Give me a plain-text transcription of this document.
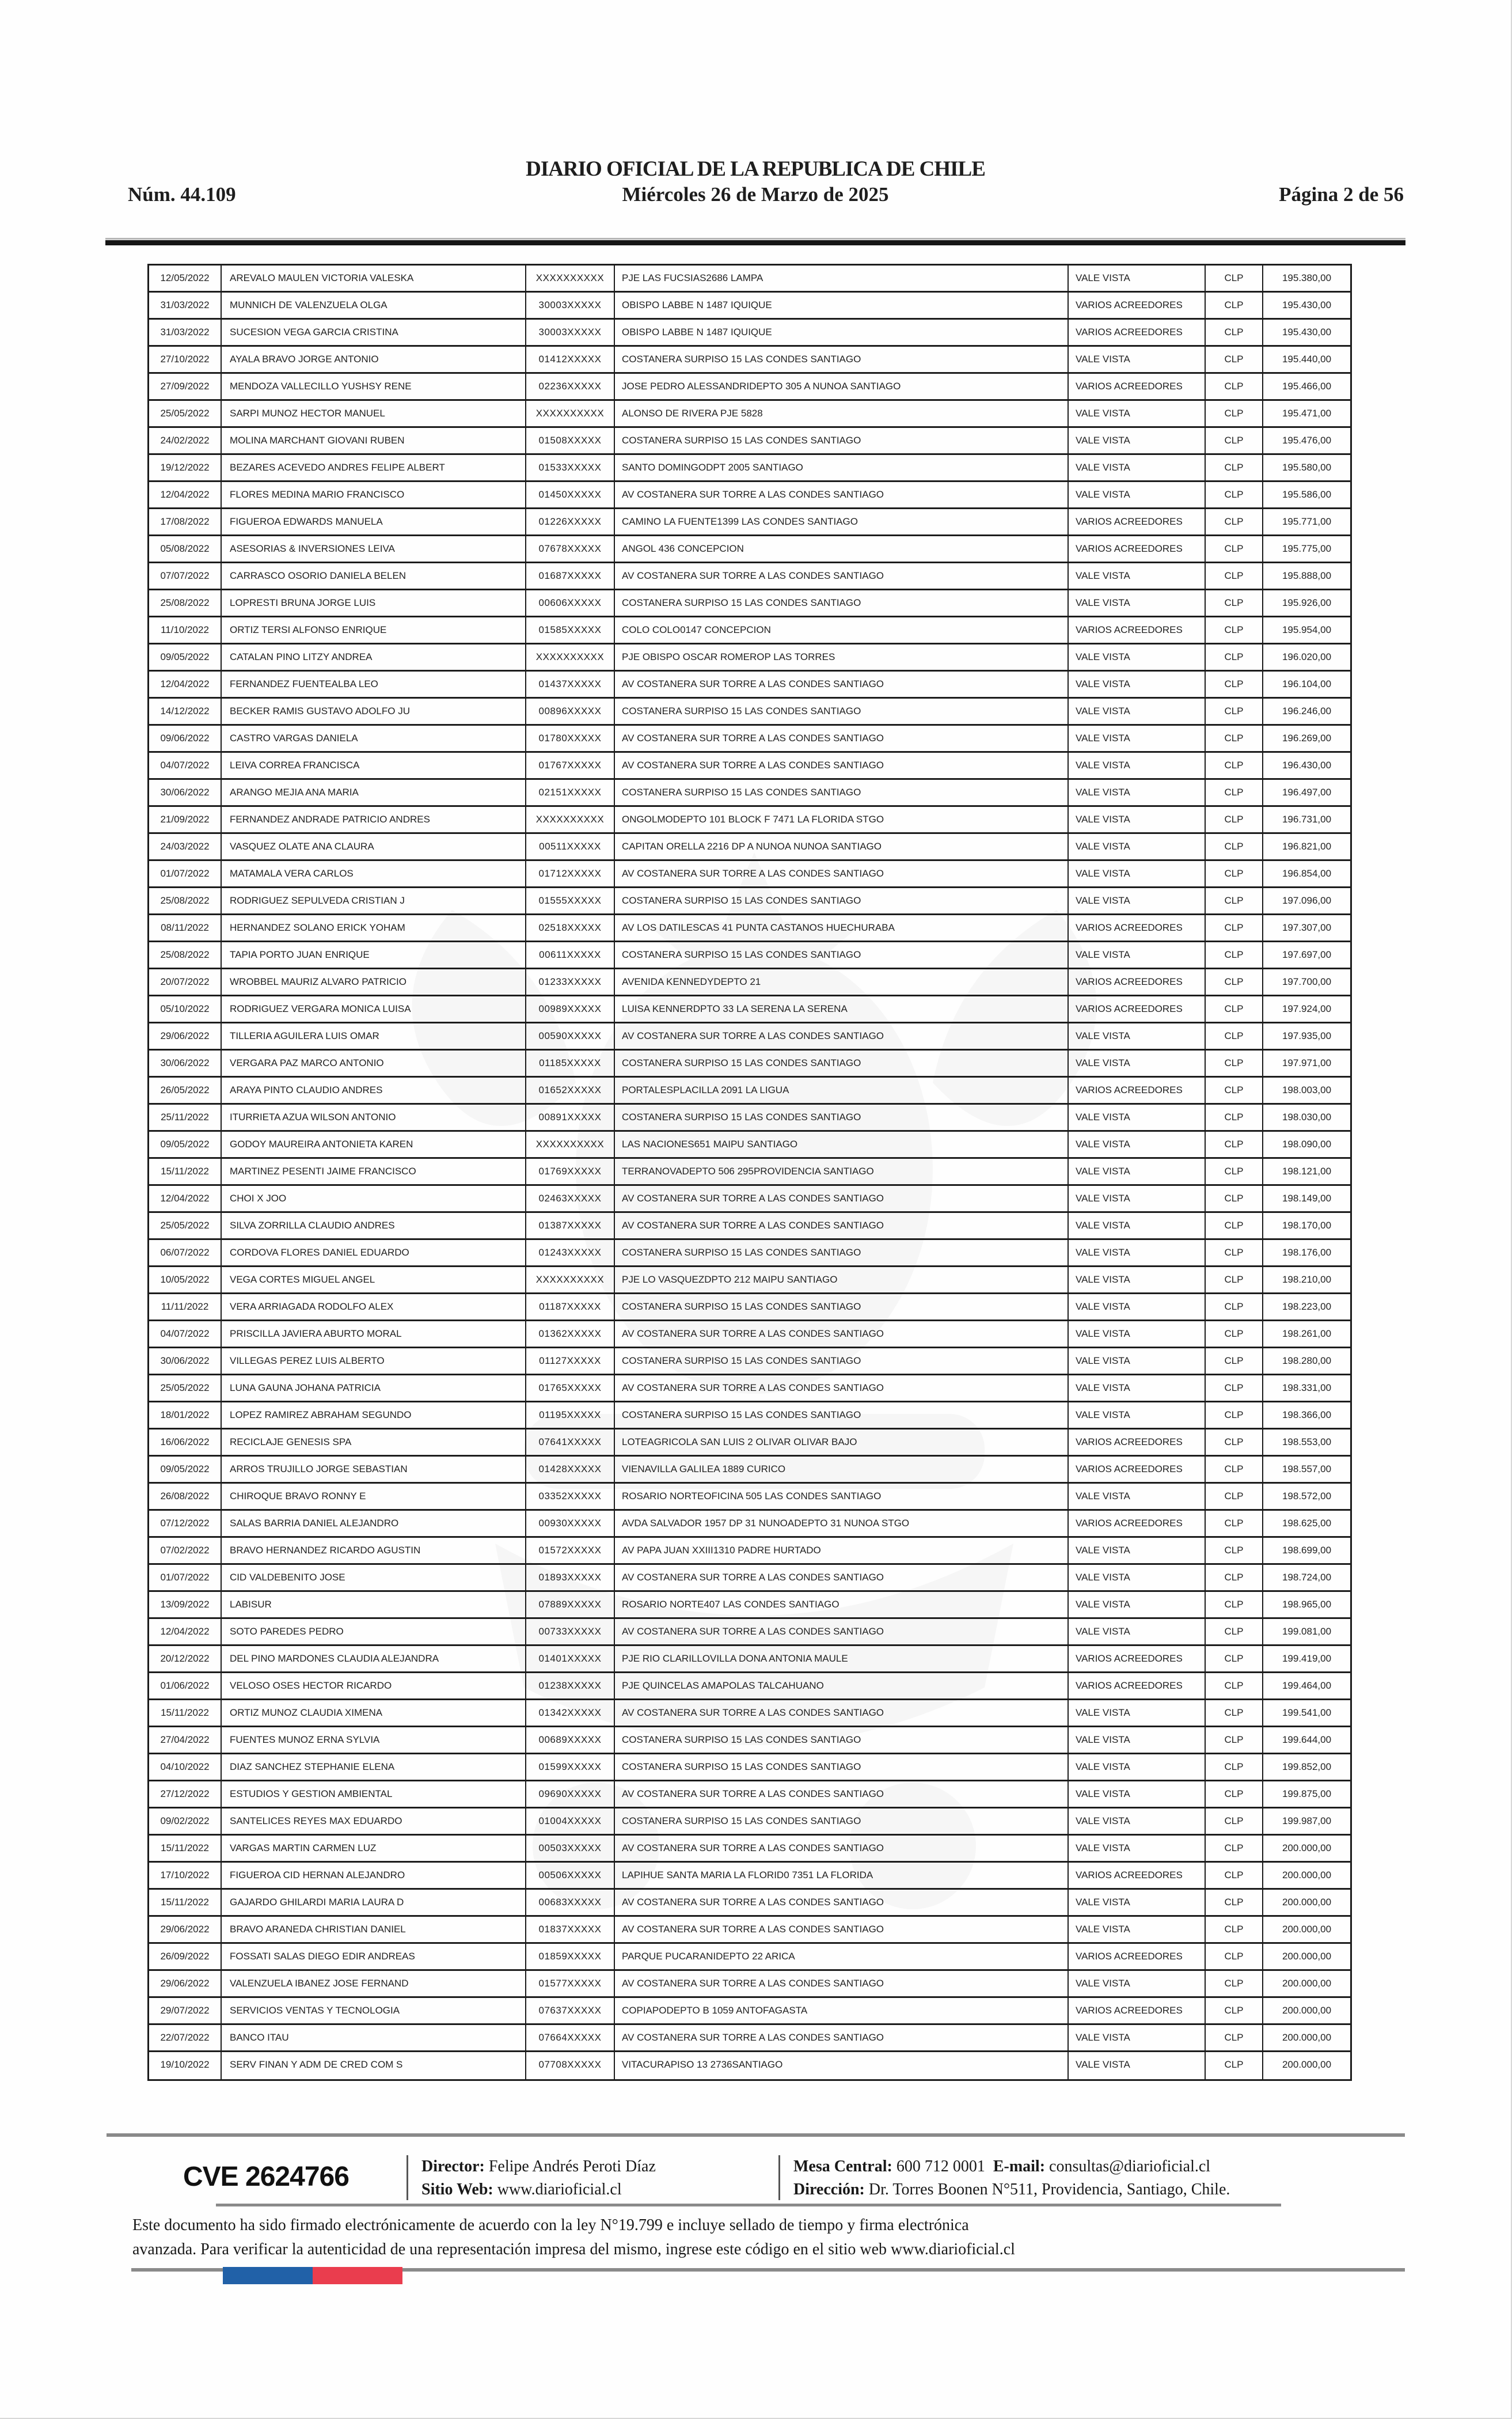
Núm. 44.109
DIARIO OFICIAL DE LA REPUBLICA DE CHILE
Miércoles 26 de Marzo de 2025	Página 2 de 56
12/05/2022	AREVALO MAULEN VICTORIA VALESKA	XXXXXXXXXX	PJE LAS FUCSIAS2686 LAMPA	VALE VISTA	CLP	195.380,00
31/03/2022	MUNNICH DE VALENZUELA OLGA	30003XXXXX	OBISPO LABBE N 1487 IQUIQUE	VARIOS ACREEDORES	CLP	195.430,00
31/03/2022	SUCESION VEGA GARCIA CRISTINA	30003XXXXX	OBISPO LABBE N 1487 IQUIQUE	VARIOS ACREEDORES	CLP	195.430,00
27/10/2022	AYALA BRAVO JORGE ANTONIO	01412XXXXX	COSTANERA SURPISO 15 LAS CONDES SANTIAGO	VALE VISTA	CLP	195.440,00
27/09/2022	MENDOZA VALLECILLO YUSHSY RENE	02236XXXXX	JOSE PEDRO ALESSANDRIDEPTO 305 A NUNOA SANTIAGO	VARIOS ACREEDORES	CLP	195.466,00
25/05/2022	SARPI MUNOZ HECTOR MANUEL	XXXXXXXXXX	ALONSO DE RIVERA PJE 5828	VALE VISTA	CLP	195.471,00
24/02/2022	MOLINA MARCHANT GIOVANI RUBEN	01508XXXXX	COSTANERA SURPISO 15 LAS CONDES SANTIAGO	VALE VISTA	CLP	195.476,00
19/12/2022	BEZARES ACEVEDO ANDRES FELIPE ALBERT	01533XXXXX	SANTO DOMINGODPT 2005 SANTIAGO	VALE VISTA	CLP	195.580,00
12/04/2022	FLORES MEDINA MARIO FRANCISCO	01450XXXXX	AV COSTANERA SUR TORRE A LAS CONDES SANTIAGO	VALE VISTA	CLP	195.586,00
17/08/2022	FIGUEROA EDWARDS MANUELA	01226XXXXX	CAMINO LA FUENTE1399 LAS CONDES SANTIAGO	VARIOS ACREEDORES	CLP	195.771,00
05/08/2022	ASESORIAS & INVERSIONES LEIVA	07678XXXXX	ANGOL 436 CONCEPCION	VARIOS ACREEDORES	CLP	195.775,00
07/07/2022	CARRASCO OSORIO DANIELA BELEN	01687XXXXX	AV COSTANERA SUR TORRE A LAS CONDES SANTIAGO	VALE VISTA	CLP	195.888,00
25/08/2022	LOPRESTI BRUNA JORGE LUIS	00606XXXXX	COSTANERA SURPISO 15 LAS CONDES SANTIAGO	VALE VISTA	CLP	195.926,00
11/10/2022	ORTIZ TERSI ALFONSO ENRIQUE	01585XXXXX	COLO COLO0147 CONCEPCION	VARIOS ACREEDORES	CLP	195.954,00
09/05/2022	CATALAN PINO LITZY ANDREA	XXXXXXXXXX	PJE OBISPO OSCAR ROMEROP LAS TORRES	VALE VISTA	CLP	196.020,00
12/04/2022	FERNANDEZ FUENTEALBA LEO	01437XXXXX	AV COSTANERA SUR TORRE A LAS CONDES SANTIAGO	VALE VISTA	CLP	196.104,00
14/12/2022	BECKER RAMIS GUSTAVO ADOLFO JU	00896XXXXX	COSTANERA SURPISO 15 LAS CONDES SANTIAGO	VALE VISTA	CLP	196.246,00
09/06/2022	CASTRO VARGAS DANIELA	01780XXXXX	AV COSTANERA SUR TORRE A LAS CONDES SANTIAGO	VALE VISTA	CLP	196.269,00
04/07/2022	LEIVA CORREA FRANCISCA	01767XXXXX	AV COSTANERA SUR TORRE A LAS CONDES SANTIAGO	VALE VISTA	CLP	196.430,00
30/06/2022	ARANGO MEJIA ANA MARIA	02151XXXXX	COSTANERA SURPISO 15 LAS CONDES SANTIAGO	VALE VISTA	CLP	196.497,00
21/09/2022	FERNANDEZ ANDRADE PATRICIO ANDRES	XXXXXXXXXX	ONGOLMODEPTO 101 BLOCK F 7471 LA FLORIDA STGO	VALE VISTA	CLP	196.731,00
24/03/2022	VASQUEZ OLATE ANA CLAURA	00511XXXXX	CAPITAN ORELLA 2216 DP A NUNOA NUNOA SANTIAGO	VALE VISTA	CLP	196.821,00
01/07/2022	MATAMALA VERA CARLOS	01712XXXXX	AV COSTANERA SUR TORRE A LAS CONDES SANTIAGO	VALE VISTA	CLP	196.854,00
25/08/2022	RODRIGUEZ SEPULVEDA CRISTIAN J	01555XXXXX	COSTANERA SURPISO 15 LAS CONDES SANTIAGO	VALE VISTA	CLP	197.096,00
08/11/2022	HERNANDEZ SOLANO ERICK YOHAM	02518XXXXX	AV LOS DATILESCAS 41 PUNTA CASTANOS HUECHURABA	VARIOS ACREEDORES	CLP	197.307,00
25/08/2022	TAPIA PORTO JUAN ENRIQUE	00611XXXXX	COSTANERA SURPISO 15 LAS CONDES SANTIAGO	VALE VISTA	CLP	197.697,00
20/07/2022	WROBBEL MAURIZ ALVARO PATRICIO	01233XXXXX	AVENIDA KENNEDYDEPTO 21	VARIOS ACREEDORES	CLP	197.700,00
05/10/2022	RODRIGUEZ VERGARA MONICA LUISA	00989XXXXX	LUISA KENNERDPTO 33 LA SERENA LA SERENA	VARIOS ACREEDORES	CLP	197.924,00
29/06/2022	TILLERIA AGUILERA LUIS OMAR	00590XXXXX	AV COSTANERA SUR TORRE A LAS CONDES SANTIAGO	VALE VISTA	CLP	197.935,00
30/06/2022	VERGARA PAZ MARCO ANTONIO	01185XXXXX	COSTANERA SURPISO 15 LAS CONDES SANTIAGO	VALE VISTA	CLP	197.971,00
26/05/2022	ARAYA PINTO CLAUDIO ANDRES	01652XXXXX	PORTALESPLACILLA 2091 LA LIGUA	VARIOS ACREEDORES	CLP	198.003,00
25/11/2022	ITURRIETA AZUA WILSON ANTONIO	00891XXXXX	COSTANERA SURPISO 15 LAS CONDES SANTIAGO	VALE VISTA	CLP	198.030,00
09/05/2022	GODOY MAUREIRA ANTONIETA KAREN	XXXXXXXXXX	LAS NACIONES651 MAIPU SANTIAGO	VALE VISTA	CLP	198.090,00
15/11/2022	MARTINEZ PESENTI JAIME FRANCISCO	01769XXXXX	TERRANOVADEPTO 506 295PROVIDENCIA SANTIAGO	VALE VISTA	CLP	198.121,00
12/04/2022	CHOI X JOO	02463XXXXX	AV COSTANERA SUR TORRE A LAS CONDES SANTIAGO	VALE VISTA	CLP	198.149,00
25/05/2022	SILVA ZORRILLA CLAUDIO ANDRES	01387XXXXX	AV COSTANERA SUR TORRE A LAS CONDES SANTIAGO	VALE VISTA	CLP	198.170,00
06/07/2022	CORDOVA FLORES DANIEL EDUARDO	01243XXXXX	COSTANERA SURPISO 15 LAS CONDES SANTIAGO	VALE VISTA	CLP	198.176,00
10/05/2022	VEGA CORTES MIGUEL ANGEL	XXXXXXXXXX	PJE LO VASQUEZDPTO 212 MAIPU SANTIAGO	VALE VISTA	CLP	198.210,00
11/11/2022	VERA ARRIAGADA RODOLFO ALEX	01187XXXXX	COSTANERA SURPISO 15 LAS CONDES SANTIAGO	VALE VISTA	CLP	198.223,00
04/07/2022	PRISCILLA JAVIERA ABURTO MORAL	01362XXXXX	AV COSTANERA SUR TORRE A LAS CONDES SANTIAGO	VALE VISTA	CLP	198.261,00
30/06/2022	VILLEGAS PEREZ LUIS ALBERTO	01127XXXXX	COSTANERA SURPISO 15 LAS CONDES SANTIAGO	VALE VISTA	CLP	198.280,00
25/05/2022	LUNA GAUNA JOHANA PATRICIA	01765XXXXX	AV COSTANERA SUR TORRE A LAS CONDES SANTIAGO	VALE VISTA	CLP	198.331,00
18/01/2022	LOPEZ RAMIREZ ABRAHAM SEGUNDO	01195XXXXX	COSTANERA SURPISO 15 LAS CONDES SANTIAGO	VALE VISTA	CLP	198.366,00
16/06/2022	RECICLAJE GENESIS SPA	07641XXXXX	LOTEAGRICOLA SAN LUIS 2 OLIVAR OLIVAR BAJO	VARIOS ACREEDORES	CLP	198.553,00
09/05/2022	ARROS TRUJILLO JORGE SEBASTIAN	01428XXXXX	VIENAVILLA GALILEA 1889 CURICO	VARIOS ACREEDORES	CLP	198.557,00
26/08/2022	CHIROQUE BRAVO RONNY E	03352XXXXX	ROSARIO NORTEOFICINA 505 LAS CONDES SANTIAGO	VALE VISTA	CLP	198.572,00
07/12/2022	SALAS BARRIA DANIEL ALEJANDRO	00930XXXXX	AVDA SALVADOR 1957 DP 31 NUNOADEPTO 31 NUNOA STGO	VARIOS ACREEDORES	CLP	198.625,00
07/02/2022	BRAVO HERNANDEZ RICARDO AGUSTIN	01572XXXXX	AV PAPA JUAN XXIII1310 PADRE HURTADO	VALE VISTA	CLP	198.699,00
01/07/2022	CID VALDEBENITO JOSE	01893XXXXX	AV COSTANERA SUR TORRE A LAS CONDES SANTIAGO	VALE VISTA	CLP	198.724,00
13/09/2022	LABISUR	07889XXXXX	ROSARIO NORTE407 LAS CONDES SANTIAGO	VALE VISTA	CLP	198.965,00
12/04/2022	SOTO PAREDES PEDRO	00733XXXXX	AV COSTANERA SUR TORRE A LAS CONDES SANTIAGO	VALE VISTA	CLP	199.081,00
20/12/2022	DEL PINO MARDONES CLAUDIA ALEJANDRA	01401XXXXX	PJE RIO CLARILLOVILLA DONA ANTONIA MAULE	VARIOS ACREEDORES	CLP	199.419,00
01/06/2022	VELOSO OSES HECTOR RICARDO	01238XXXXX	PJE QUINCELAS AMAPOLAS TALCAHUANO	VARIOS ACREEDORES	CLP	199.464,00
15/11/2022	ORTIZ MUNOZ CLAUDIA XIMENA	01342XXXXX	AV COSTANERA SUR TORRE A LAS CONDES SANTIAGO	VALE VISTA	CLP	199.541,00
27/04/2022	FUENTES MUNOZ ERNA SYLVIA	00689XXXXX	COSTANERA SURPISO 15 LAS CONDES SANTIAGO	VALE VISTA	CLP	199.644,00
04/10/2022	DIAZ SANCHEZ STEPHANIE ELENA	01599XXXXX	COSTANERA SURPISO 15 LAS CONDES SANTIAGO	VALE VISTA	CLP	199.852,00
27/12/2022	ESTUDIOS Y GESTION AMBIENTAL	09690XXXXX	AV COSTANERA SUR TORRE A LAS CONDES SANTIAGO	VALE VISTA	CLP	199.875,00
09/02/2022	SANTELICES REYES MAX EDUARDO	01004XXXXX	COSTANERA SURPISO 15 LAS CONDES SANTIAGO	VALE VISTA	CLP	199.987,00
15/11/2022	VARGAS MARTIN CARMEN LUZ	00503XXXXX	AV COSTANERA SUR TORRE A LAS CONDES SANTIAGO	VALE VISTA	CLP	200.000,00
17/10/2022	FIGUEROA CID HERNAN ALEJANDRO	00506XXXXX	LAPIHUE SANTA MARIA LA FLORID0 7351 LA FLORIDA	VARIOS ACREEDORES	CLP	200.000,00
15/11/2022	GAJARDO GHILARDI MARIA LAURA D	00683XXXXX	AV COSTANERA SUR TORRE A LAS CONDES SANTIAGO	VALE VISTA	CLP	200.000,00
29/06/2022	BRAVO ARANEDA CHRISTIAN DANIEL	01837XXXXX	AV COSTANERA SUR TORRE A LAS CONDES SANTIAGO	VALE VISTA	CLP	200.000,00
26/09/2022	FOSSATI SALAS DIEGO EDIR ANDREAS	01859XXXXX	PARQUE PUCARANIDEPTO 22 ARICA	VARIOS ACREEDORES	CLP	200.000,00
29/06/2022	VALENZUELA IBANEZ JOSE FERNAND	01577XXXXX	AV COSTANERA SUR TORRE A LAS CONDES SANTIAGO	VALE VISTA	CLP	200.000,00
29/07/2022	SERVICIOS VENTAS Y TECNOLOGIA	07637XXXXX	COPIAPODEPTO B 1059 ANTOFAGASTA	VARIOS ACREEDORES	CLP	200.000,00
22/07/2022	BANCO ITAU	07664XXXXX	AV COSTANERA SUR TORRE A LAS CONDES SANTIAGO	VALE VISTA	CLP	200.000,00
19/10/2022	SERV FINAN Y ADM DE CRED COM S	07708XXXXX	VITACURAPISO 13 2736SANTIAGO	VALE VISTA	CLP	200.000,00
CVE 2624766	Director: Felipe Andrés Peroti Díaz
Sitio Web: www.diarioficial.cl
Mesa Central: 600 712 0001 E-mail: consultas@diarioficial.cl
Dirección: Dr. Torres Boonen N°511, Providencia, Santiago, Chile.
Este documento ha sido firmado electrónicamente de acuerdo con la ley N°19.799 e incluye sellado de tiempo y firma electrónica
avanzada. Para verificar la autenticidad de una representación impresa del mismo, ingrese este código en el sitio web www.diarioficial.cl
